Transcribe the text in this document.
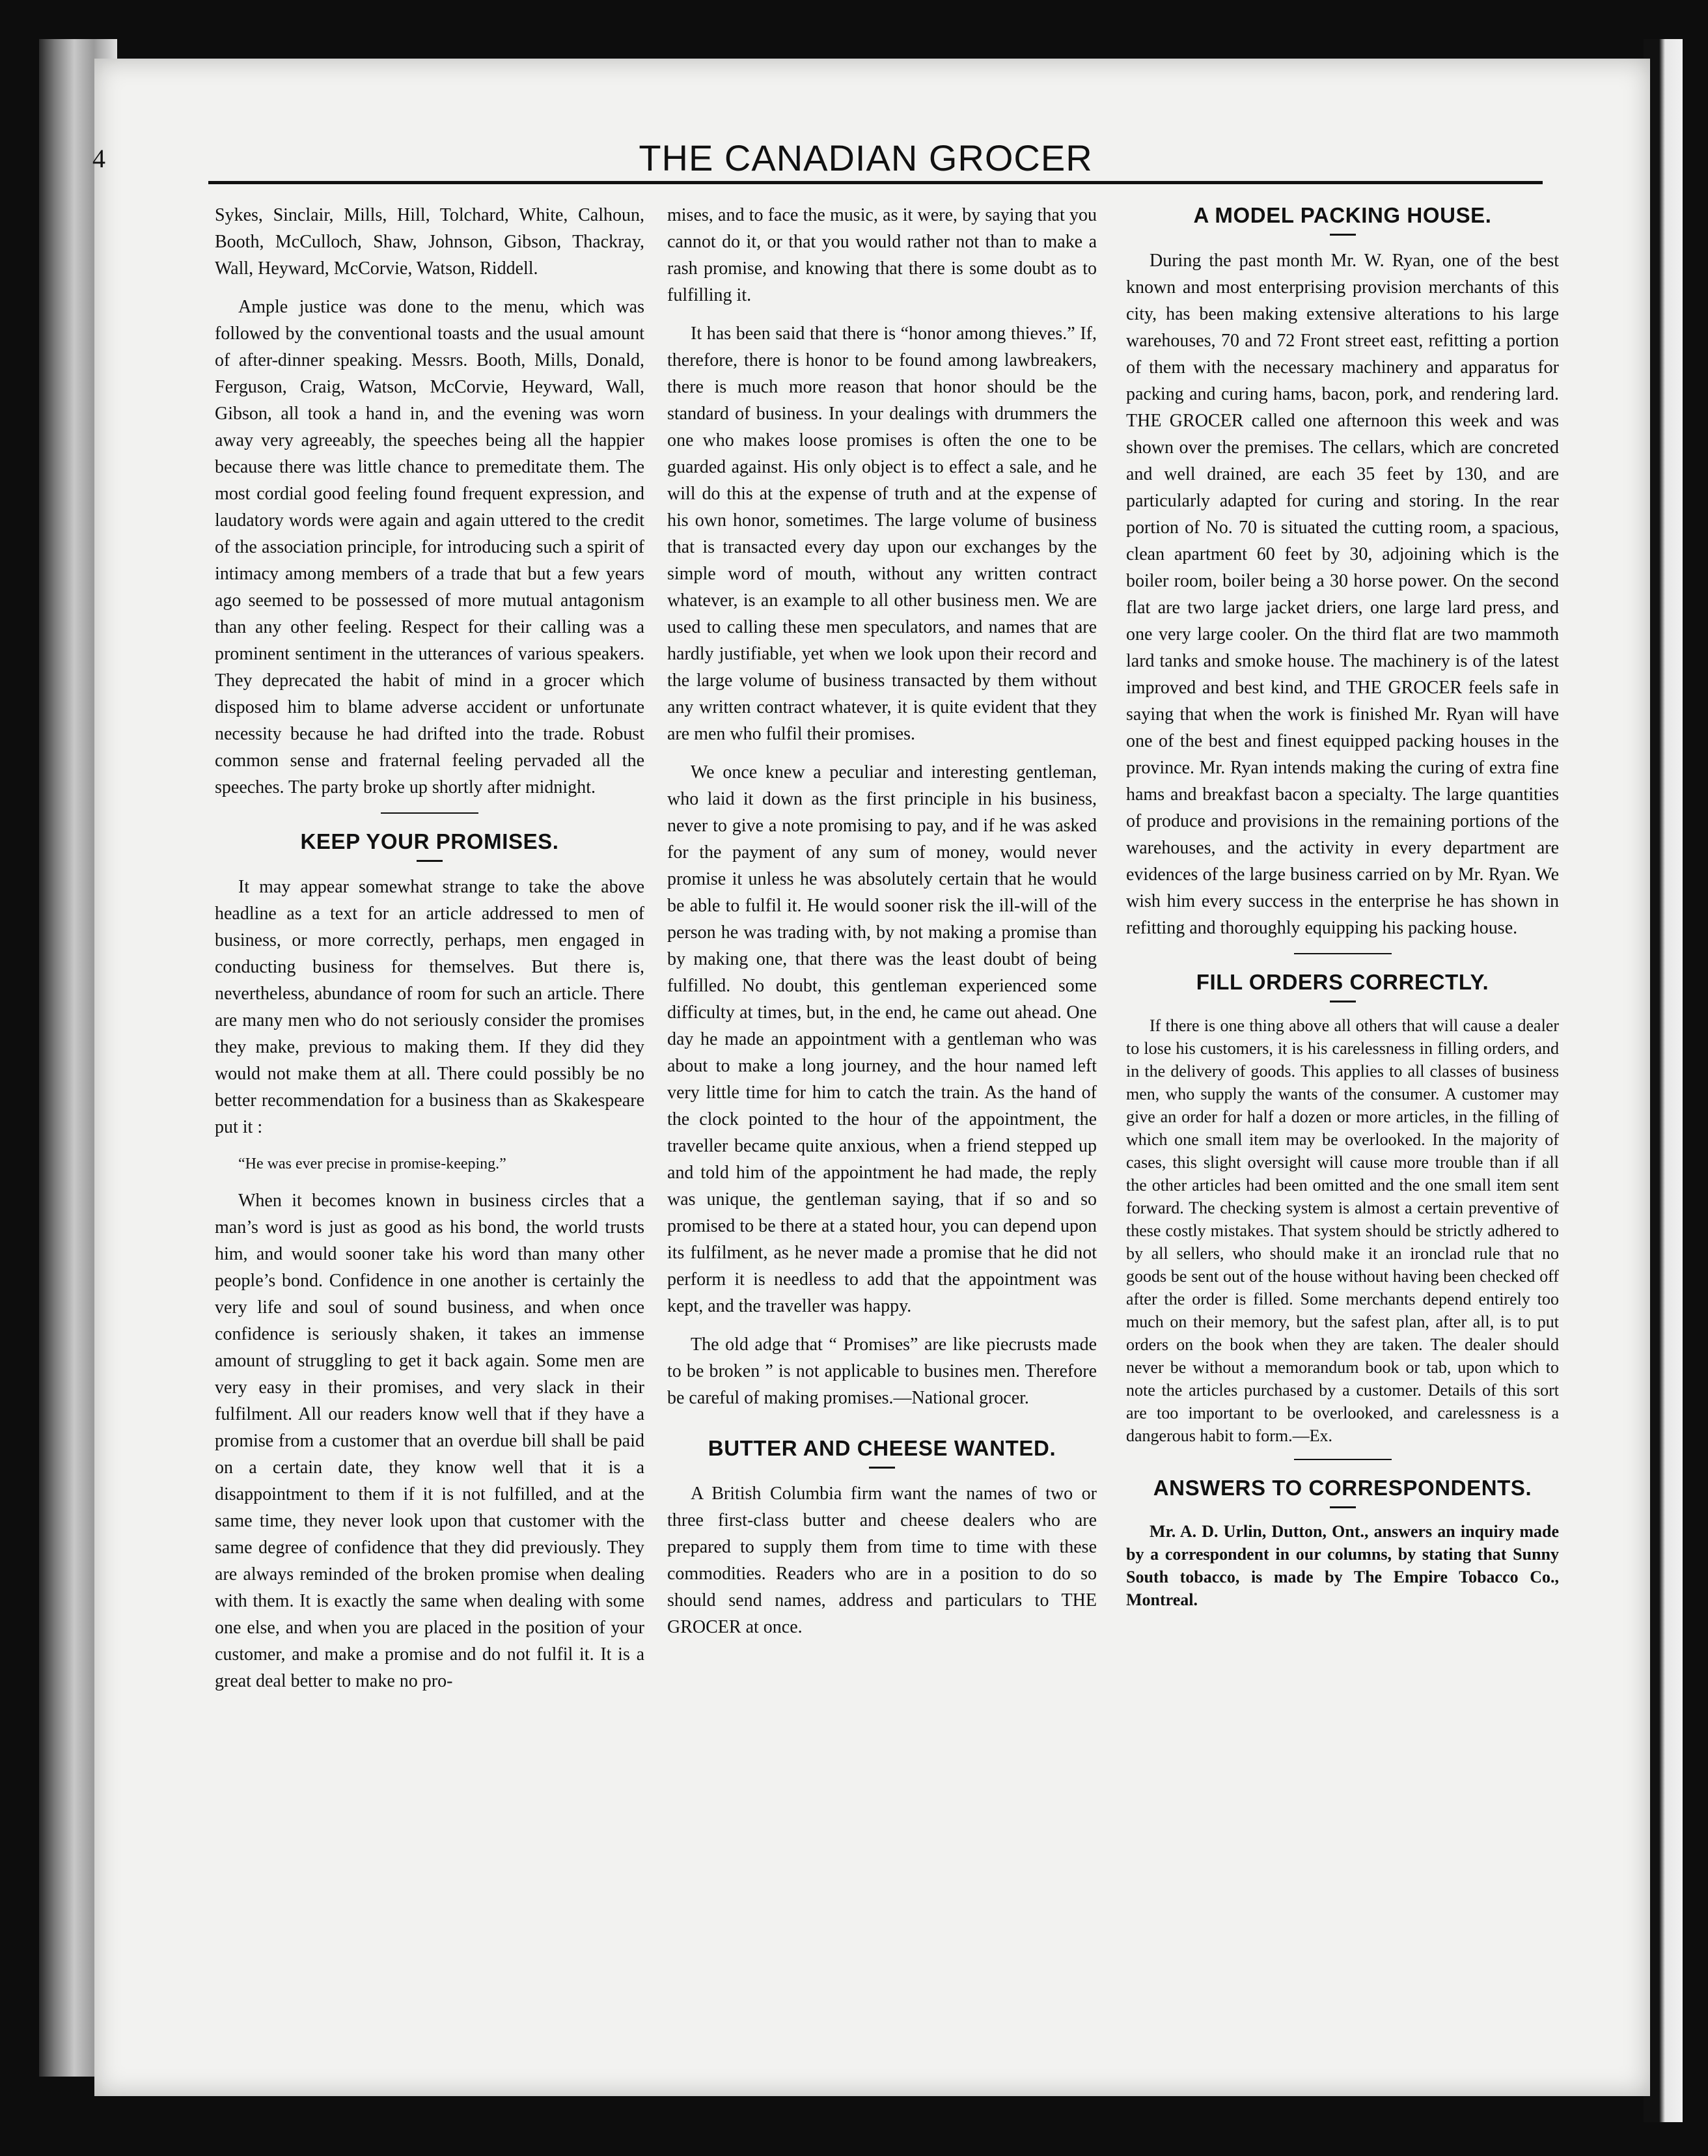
4	THE CANADIAN GROCER

Sykes, Sinclair, Mills, Hill, Tolchard, White, Calhoun, Booth, McCulloch, Shaw, Johnson, Gibson, Thackray, Wall, Heyward, McCorvie, Watson, Riddell.

Ample justice was done to the menu, which was followed by the conventional toasts and the usual amount of after-dinner speaking. Messrs. Booth, Mills, Donald, Ferguson, Craig, Watson, McCorvie, Heyward, Wall, Gibson, all took a hand in, and the evening was worn away very agreeably, the speeches being all the happier because there was little chance to premeditate them. The most cordial good feeling found frequent expression, and laudatory words were again and again uttered to the credit of the association principle, for introducing such a spirit of intimacy among members of a trade that but a few years ago seemed to be possessed of more mutual antagonism than any other feeling. Respect for their calling was a prominent sentiment in the utterances of various speakers. They deprecated the habit of mind in a grocer which disposed him to blame adverse accident or unfortunate necessity because he had drifted into the trade. Robust common sense and fraternal feeling pervaded all the speeches. The party broke up shortly after midnight.

KEEP YOUR PROMISES.

It may appear somewhat strange to take the above headline as a text for an article addressed to men of business, or more correctly, perhaps, men engaged in conducting business for themselves. But there is, nevertheless, abundance of room for such an article. There are many men who do not seriously consider the promises they make, previous to making them. If they did they would not make them at all. There could possibly be no better recommendation for a business than as Skakespeare put it :

“He was ever precise in promise-keeping.”

When it becomes known in business circles that a man’s word is just as good as his bond, the world trusts him, and would sooner take his word than many other people’s bond. Confidence in one another is certainly the very life and soul of sound business, and when once confidence is seriously shaken, it takes an immense amount of struggling to get it back again. Some men are very easy in their promises, and very slack in their fulfilment. All our readers know well that if they have a promise from a customer that an overdue bill shall be paid on a certain date, they know well that it is a disappointment to them if it is not fulfilled, and at the same time, they never look upon that customer with the same degree of confidence that they did previously. They are always reminded of the broken promise when dealing with them. It is exactly the same when dealing with some one else, and when you are placed in the position of your customer, and make a promise and do not fulfil it. It is a great deal better to make no pro-

mises, and to face the music, as it were, by saying that you cannot do it, or that you would rather not than to make a rash promise, and knowing that there is some doubt as to fulfilling it.

It has been said that there is “honor among thieves.” If, therefore, there is honor to be found among lawbreakers, there is much more reason that honor should be the standard of business. In your dealings with drummers the one who makes loose promises is often the one to be guarded against. His only object is to effect a sale, and he will do this at the expense of truth and at the expense of his own honor, sometimes. The large volume of business that is transacted every day upon our exchanges by the simple word of mouth, without any written contract whatever, is an example to all other business men. We are used to calling these men speculators, and names that are hardly justifiable, yet when we look upon their record and the large volume of business transacted by them without any written contract whatever, it is quite evident that they are men who fulfil their promises.

We once knew a peculiar and interesting gentleman, who laid it down as the first principle in his business, never to give a note promising to pay, and if he was asked for the payment of any sum of money, would never promise it unless he was absolutely certain that he would be able to fulfil it. He would sooner risk the ill-will of the person he was trading with, by not making a promise than by making one, that there was the least doubt of being fulfilled. No doubt, this gentleman experienced some difficulty at times, but, in the end, he came out ahead. One day he made an appointment with a gentleman who was about to make a long journey, and the hour named left very little time for him to catch the train. As the hand of the clock pointed to the hour of the appointment, the traveller became quite anxious, when a friend stepped up and told him of the appointment he had made, the reply was unique, the gentleman saying, that if so and so promised to be there at a stated hour, you can depend upon its fulfilment, as he never made a promise that he did not perform it is needless to add that the appointment was kept, and the traveller was happy.

The old adge that “ Promises” are like piecrusts made to be broken ” is not applicable to busines men. Therefore be careful of making promises.—National grocer.

BUTTER AND CHEESE WANTED.

A British Columbia firm want the names of two or three first-class butter and cheese dealers who are prepared to supply them from time to time with these commodities. Readers who are in a position to do so should send names, address and particulars to THE GROCER at once.

A MODEL PACKING HOUSE.

During the past month Mr. W. Ryan, one of the best known and most enterprising provision merchants of this city, has been making extensive alterations to his large warehouses, 70 and 72 Front street east, refitting a portion of them with the necessary machinery and apparatus for packing and curing hams, bacon, pork, and rendering lard. THE GROCER called one afternoon this week and was shown over the premises. The cellars, which are concreted and well drained, are each 35 feet by 130, and are particularly adapted for curing and storing. In the rear portion of No. 70 is situated the cutting room, a spacious, clean apartment 60 feet by 30, adjoining which is the boiler room, boiler being a 30 horse power. On the second flat are two large jacket driers, one large lard press, and one very large cooler. On the third flat are two mammoth lard tanks and smoke house. The machinery is of the latest improved and best kind, and THE GROCER feels safe in saying that when the work is finished Mr. Ryan will have one of the best and finest equipped packing houses in the province. Mr. Ryan intends making the curing of extra fine hams and breakfast bacon a specialty. The large quantities of produce and provisions in the remaining portions of the warehouses, and the activity in every department are evidences of the large business carried on by Mr. Ryan. We wish him every success in the enterprise he has shown in refitting and thoroughly equipping his packing house.

FILL ORDERS CORRECTLY.

If there is one thing above all others that will cause a dealer to lose his customers, it is his carelessness in filling orders, and in the delivery of goods. This applies to all classes of business men, who supply the wants of the consumer. A customer may give an order for half a dozen or more articles, in the filling of which one small item may be overlooked. In the majority of cases, this slight oversight will cause more trouble than if all the other articles had been omitted and the one small item sent forward. The checking system is almost a certain preventive of these costly mistakes. That system should be strictly adhered to by all sellers, who should make it an ironclad rule that no goods be sent out of the house without having been checked off after the order is filled. Some merchants depend entirely too much on their memory, but the safest plan, after all, is to put orders on the book when they are taken. The dealer should never be without a memorandum book or tab, upon which to note the articles purchased by a customer. Details of this sort are too important to be overlooked, and carelessness is a dangerous habit to form.—Ex.

ANSWERS TO CORRESPONDENTS.

Mr. A. D. Urlin, Dutton, Ont., answers an inquiry made by a correspondent in our columns, by stating that Sunny South tobacco, is made by The Empire Tobacco Co., Montreal.
